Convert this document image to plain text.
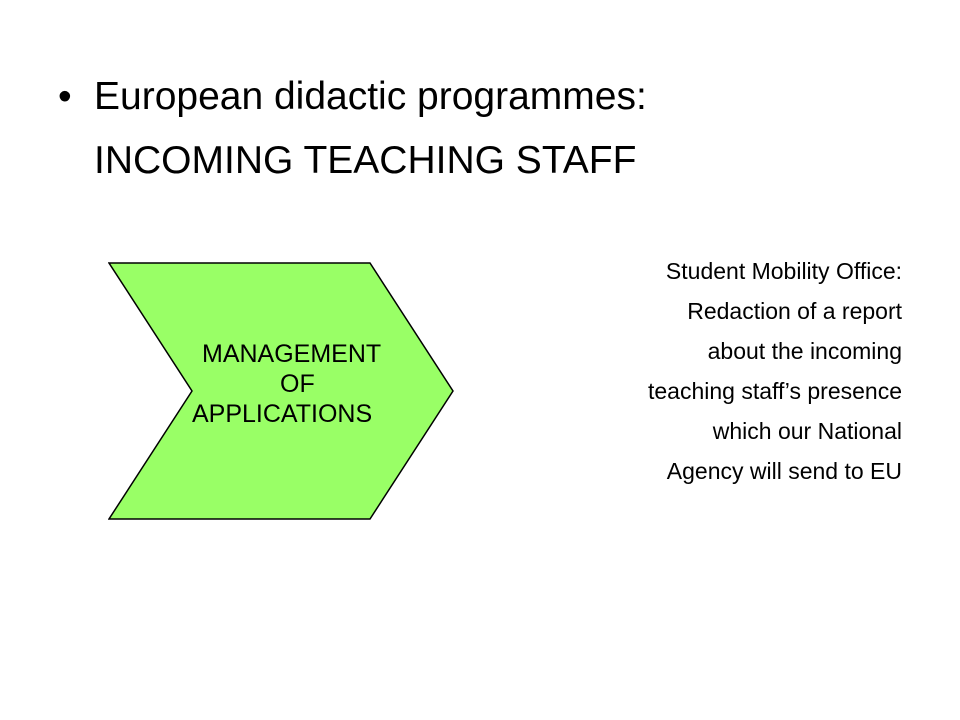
• European didactic programmes:
INCOMING TEACHING STAFF
MANAGEMENT
OF
APPLICATIONS
Student Mobility Office:
Redaction of a report
about the incoming
teaching staff’s presence
which our National
Agency will send to EU
